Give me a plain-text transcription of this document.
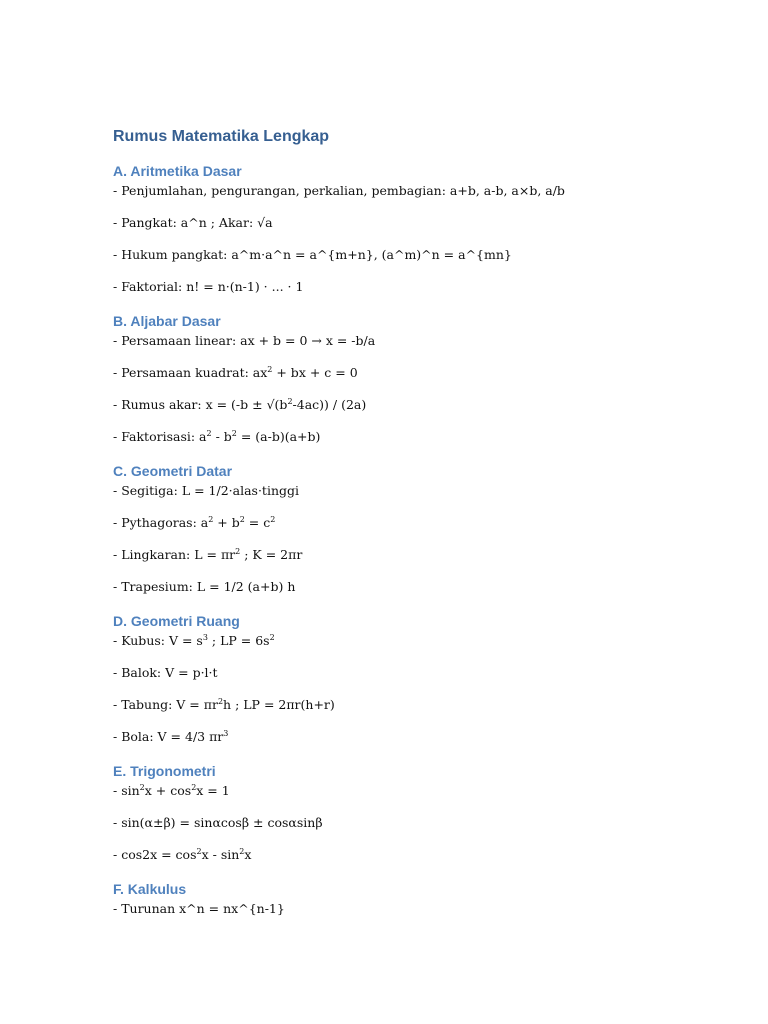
Rumus Matematika Lengkap
A. Aritmetika Dasar

- Penjumlahan, pengurangan, perkalian, pembagian: a+b, a-b, a×b, a/b

- Pangkat: a^n ; Akar: √a

- Hukum pangkat: a^m·a^n = a^{m+n}, (a^m)^n = a^{mn}

- Faktorial: n! = n·(n-1) · ... · 1

B. Aljabar Dasar

- Persamaan linear: ax + b = 0 → x = -b/a

- Persamaan kuadrat: $ax^2$ + bx + c = 0

- Rumus akar: $x = (-b \pm √(b^2-4ac)) / (2a)$

- Faktorisasi: $a^2 - b^2 = (a-b)(a+b)$

C. Geometri Datar

- Segitiga: L = 1/2·alas·tinggi

- Pythagoras: $a^2 + b^2 = c^2$

- Lingkaran: $L = \pi r^2$ ; K = 2πr

- Trapesium: L = 1/2 (a+b) h

D. Geometri Ruang

- Kubus: $V = s^3$ ; LP = $6s^2$

- Balok: V = p·l·t

- Tabung: $V = \pi r^2h$ ; LP = 2πr(h+r)

- Bola: V = 4/3 $\pi r^3$

E. Trigonometri

- $\sin^2x + \cos^2x = 1$

- sin(α±β) = sinαcosβ ± cosαsinβ

- $\cos 2x = \cos^2x - \sin^2x$

F. Kalkulus

- Turunan x^n = nx^{n-1}
